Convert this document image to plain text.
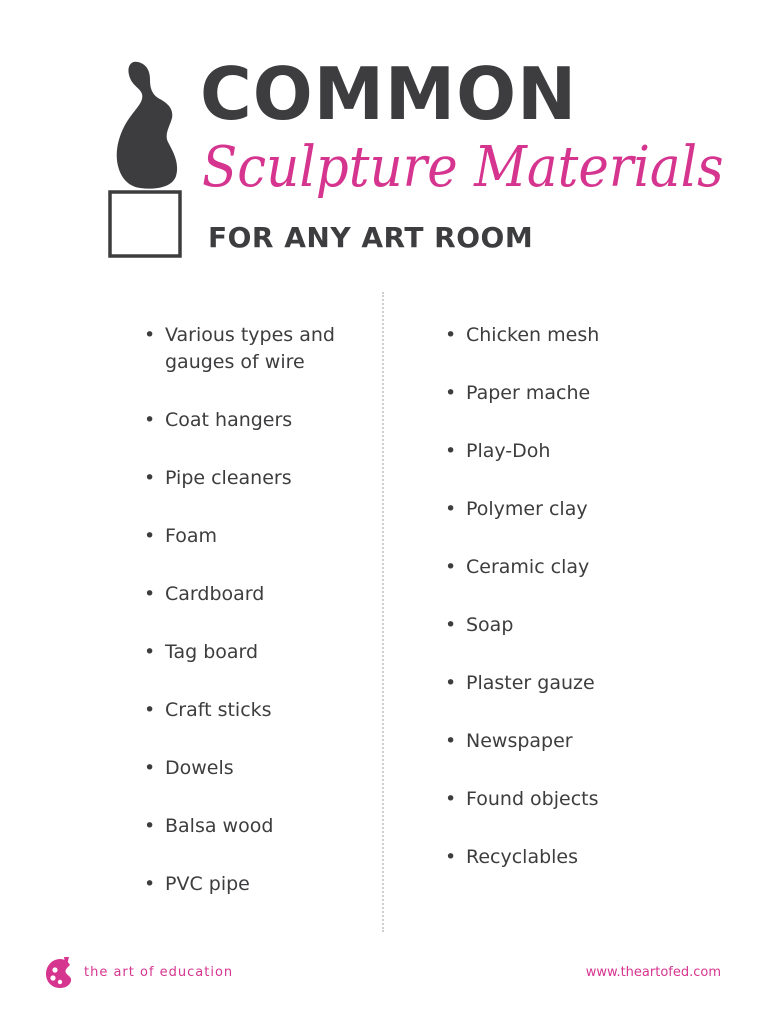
COMMON
Sculpture Materials
FOR ANY ART ROOM
• Various types and gauges of wire
• Coat hangers
• Pipe cleaners
• Foam
• Cardboard
• Tag board
• Craft sticks
• Dowels
• Balsa wood
• PVC pipe
• Chicken mesh
• Paper mache
• Play-Doh
• Polymer clay
• Ceramic clay
• Soap
• Plaster gauze
• Newspaper
• Found objects
• Recyclables
the art of education	www.theartofed.com
